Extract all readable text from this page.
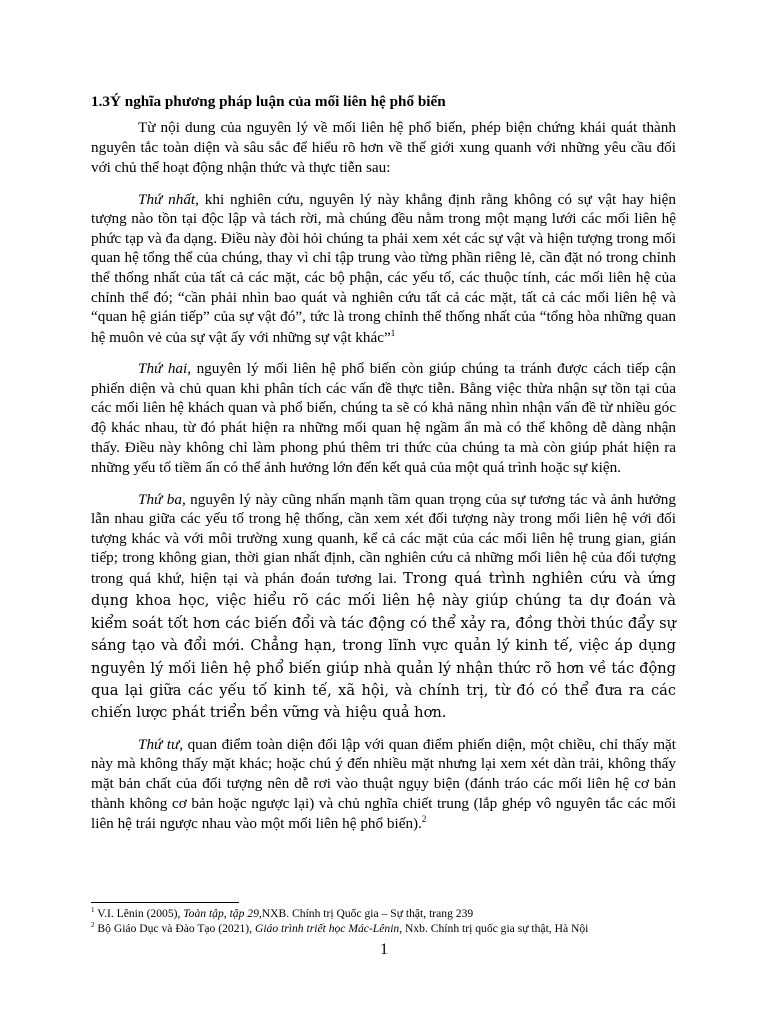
1.3Ý nghĩa phương pháp luận của mối liên hệ phổ biến

Từ nội dung của nguyên lý về mối liên hệ phổ biến, phép biện chứng khái quát thành nguyên tắc toàn diện và sâu sắc để hiểu rõ hơn về thế giới xung quanh với những yêu cầu đối với chủ thể hoạt động nhận thức và thực tiễn sau:

Thứ nhất, khi nghiên cứu, nguyên lý này khẳng định rằng không có sự vật hay hiện tượng nào tồn tại độc lập và tách rời, mà chúng đều nằm trong một mạng lưới các mối liên hệ phức tạp và đa dạng. Điều này đòi hỏi chúng ta phải xem xét các sự vật và hiện tượng trong mối quan hệ tổng thể của chúng, thay vì chỉ tập trung vào từng phần riêng lẻ, cần đặt nó trong chỉnh thể thống nhất của tất cả các mặt, các bộ phận, các yếu tố, các thuộc tính, các mối liên hệ của chỉnh thể đó; “cần phải nhìn bao quát và nghiên cứu tất cả các mặt, tất cả các mối liên hệ và “quan hệ gián tiếp” của sự vật đó”, tức là trong chỉnh thể thống nhất của “tổng hòa những quan hệ muôn vẻ của sự vật ấy với những sự vật khác”$^1$

Thứ hai, nguyên lý mối liên hệ phổ biến còn giúp chúng ta tránh được cách tiếp cận phiến diện và chủ quan khi phân tích các vấn đề thực tiễn. Bằng việc thừa nhận sự tồn tại của các mối liên hệ khách quan và phổ biến, chúng ta sẽ có khả năng nhìn nhận vấn đề từ nhiều góc độ khác nhau, từ đó phát hiện ra những mối quan hệ ngầm ẩn mà có thể không dễ dàng nhận thấy. Điều này không chỉ làm phong phú thêm tri thức của chúng ta mà còn giúp phát hiện ra những yếu tố tiềm ẩn có thể ảnh hưởng lớn đến kết quả của một quá trình hoặc sự kiện.

Thứ ba, nguyên lý này cũng nhấn mạnh tầm quan trọng của sự tương tác và ảnh hưởng lẫn nhau giữa các yếu tố trong hệ thống, cần xem xét đối tượng này trong mối liên hệ với đối tượng khác và với môi trường xung quanh, kể cả các mặt của các mối liên hệ trung gian, gián tiếp; trong không gian, thời gian nhất định, cần nghiên cứu cả những mối liên hệ của đối tượng trong quá khứ, hiện tại và phán đoán tương lai. Trong quá trình nghiên cứu và ứng dụng khoa học, việc hiểu rõ các mối liên hệ này giúp chúng ta dự đoán và kiểm soát tốt hơn các biến đổi và tác động có thể xảy ra, đồng thời thúc đẩy sự sáng tạo và đổi mới. Chẳng hạn, trong lĩnh vực quản lý kinh tế, việc áp dụng nguyên lý mối liên hệ phổ biến giúp nhà quản lý nhận thức rõ hơn về tác động qua lại giữa các yếu tố kinh tế, xã hội, và chính trị, từ đó có thể đưa ra các chiến lược phát triển bền vững và hiệu quả hơn.

Thứ tư, quan điểm toàn diện đối lập với quan điểm phiến diện, một chiều, chỉ thấy mặt này mà không thấy mặt khác; hoặc chú ý đến nhiều mặt nhưng lại xem xét dàn trải, không thấy mặt bản chất của đối tượng nên dễ rơi vào thuật ngụy biện (đánh tráo các mối liên hệ cơ bản thành không cơ bản hoặc ngược lại) và chủ nghĩa chiết trung (lắp ghép vô nguyên tắc các mối liên hệ trái ngược nhau vào một mối liên hệ phổ biến).$^2$

$^1$ V.I. Lênin (2005), Toàn tập, tập 29,NXB. Chính trị Quốc gia – Sự thật, trang 239

$^2$ Bộ Giáo Dục và Đào Tạo (2021), Giáo trình triết học Mác-Lênin, Nxb. Chính trị quốc gia sự thật, Hà Nội

1
